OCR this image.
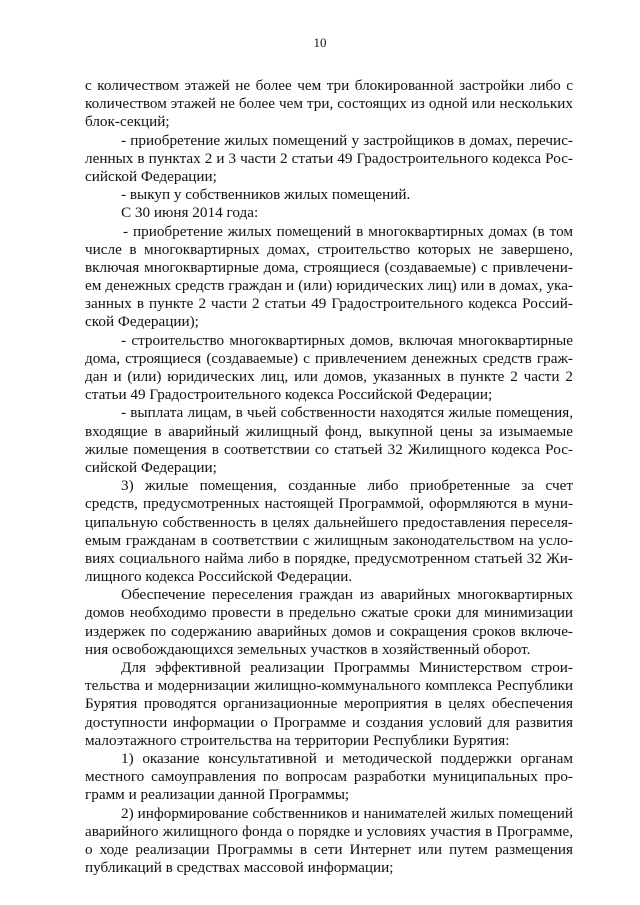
10

с количеством этажей не более чем три блокированной застройки либо с
количеством этажей не более чем три, состоящих из одной или нескольких
блок-секций;
- приобретение жилых помещений у застройщиков в домах, перечис-
ленных в пунктах 2 и 3 части 2 статьи 49 Градостроительного кодекса Рос-
сийской Федерации;
- выкуп у собственников жилых помещений.
С 30 июня 2014 года:
- приобретение жилых помещений в многоквартирных домах (в том
числе в многоквартирных домах, строительство которых не завершено,
включая многоквартирные дома, строящиеся (создаваемые) с привлечени-
ем денежных средств граждан и (или) юридических лиц) или в домах, ука-
занных в пункте 2 части 2 статьи 49 Градостроительного кодекса Россий-
ской Федерации);
- строительство многоквартирных домов, включая многоквартирные
дома, строящиеся (создаваемые) с привлечением денежных средств граж-
дан и (или) юридических лиц, или домов, указанных в пункте 2 части 2
статьи 49 Градостроительного кодекса Российской Федерации;
- выплата лицам, в чьей собственности находятся жилые помещения,
входящие в аварийный жилищный фонд, выкупной цены за изымаемые
жилые помещения в соответствии со статьей 32 Жилищного кодекса Рос-
сийской Федерации;
3) жилые помещения, созданные либо приобретенные за счет
средств, предусмотренных настоящей Программой, оформляются в муни-
ципальную собственность в целях дальнейшего предоставления переселя-
емым гражданам в соответствии с жилищным законодательством на усло-
виях социального найма либо в порядке, предусмотренном статьей 32 Жи-
лищного кодекса Российской Федерации.
Обеспечение переселения граждан из аварийных многоквартирных
домов необходимо провести в предельно сжатые сроки для минимизации
издержек по содержанию аварийных домов и сокращения сроков включе-
ния освобождающихся земельных участков в хозяйственный оборот.
Для эффективной реализации Программы Министерством строи-
тельства и модернизации жилищно-коммунального комплекса Республики
Бурятия проводятся организационные мероприятия в целях обеспечения
доступности информации о Программе и создания условий для развития
малоэтажного строительства на территории Республики Бурятия:
1) оказание консультативной и методической поддержки органам
местного самоуправления по вопросам разработки муниципальных про-
грамм и реализации данной Программы;
2) информирование собственников и нанимателей жилых помещений
аварийного жилищного фонда о порядке и условиях участия в Программе,
о ходе реализации Программы в сети Интернет или путем размещения
публикаций в средствах массовой информации;
